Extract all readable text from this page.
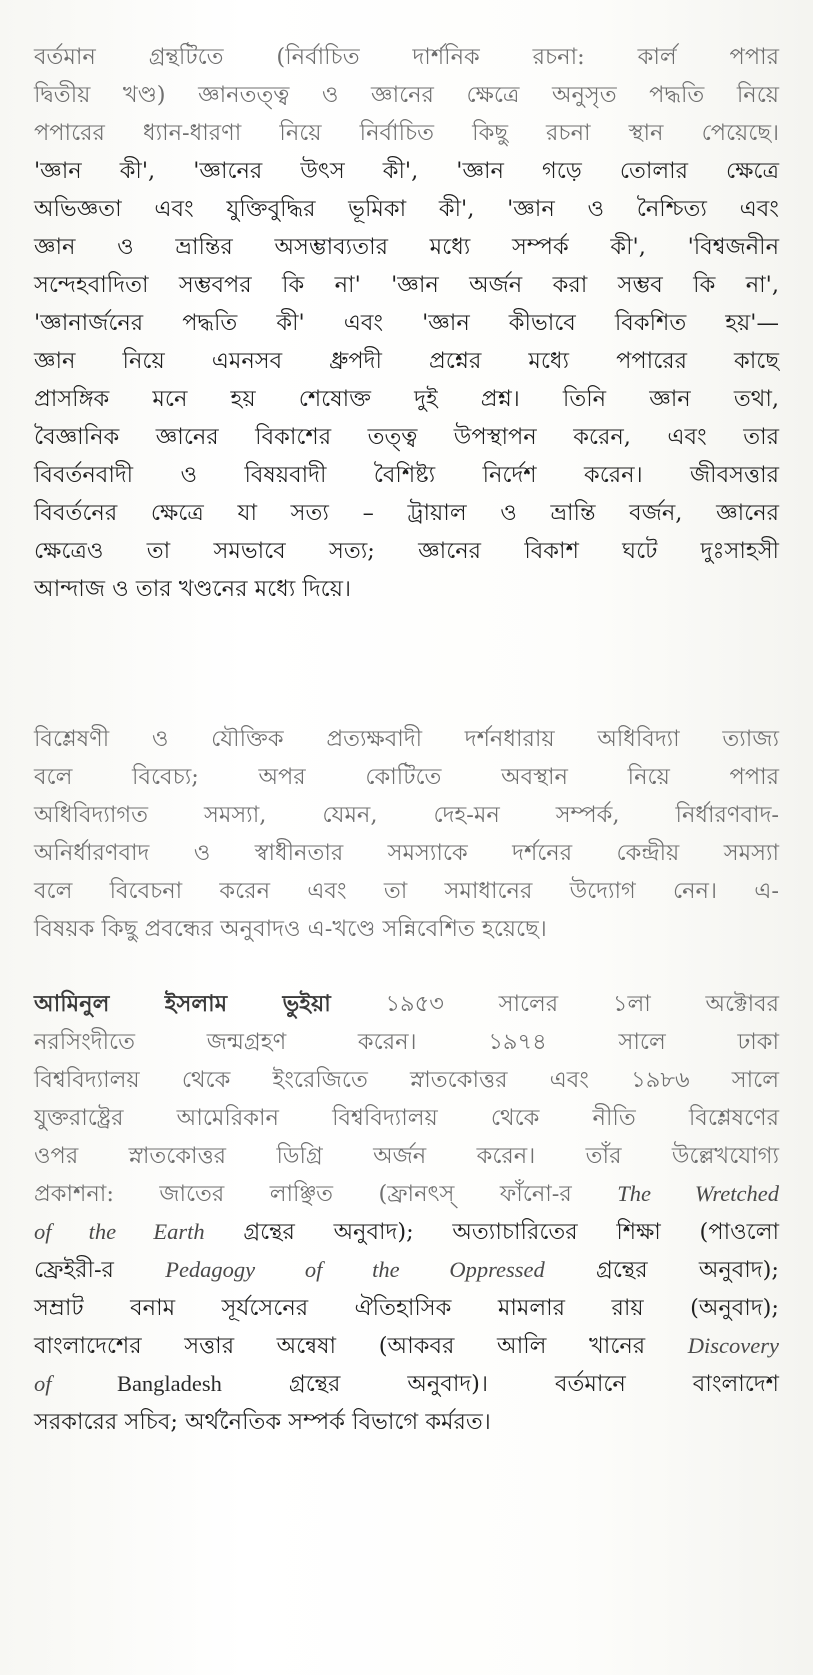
বর্তমান গ্রন্থটিতে (নির্বাচিত দার্শনিক রচনা: কার্ল পপার
দ্বিতীয় খণ্ড) জ্ঞানতত্ত্ব ও জ্ঞানের ক্ষেত্রে অনুসৃত পদ্ধতি নিয়ে
পপারের ধ্যান-ধারণা নিয়ে নির্বাচিত কিছু রচনা স্থান পেয়েছে।
'জ্ঞান কী', 'জ্ঞানের উৎস কী', 'জ্ঞান গড়ে তোলার ক্ষেত্রে
অভিজ্ঞতা এবং যুক্তিবুদ্ধির ভূমিকা কী', 'জ্ঞান ও নৈশ্চিত্য এবং
জ্ঞান ও ভ্রান্তির অসম্ভাব্যতার মধ্যে সম্পর্ক কী', 'বিশ্বজনীন
সন্দেহবাদিতা সম্ভবপর কি না' 'জ্ঞান অর্জন করা সম্ভব কি না',
'জ্ঞানার্জনের পদ্ধতি কী' এবং 'জ্ঞান কীভাবে বিকশিত হয়'—
জ্ঞান নিয়ে এমনসব ধ্রুপদী প্রশ্নের মধ্যে পপারের কাছে
প্রাসঙ্গিক মনে হয় শেষোক্ত দুই প্রশ্ন। তিনি জ্ঞান তথা,
বৈজ্ঞানিক জ্ঞানের বিকাশের তত্ত্ব উপস্থাপন করেন, এবং তার
বিবর্তনবাদী ও বিষয়বাদী বৈশিষ্ট্য নির্দেশ করেন। জীবসত্তার
বিবর্তনের ক্ষেত্রে যা সত্য – ট্রায়াল ও ভ্রান্তি বর্জন, জ্ঞানের
ক্ষেত্রেও তা সমভাবে সত্য; জ্ঞানের বিকাশ ঘটে দুঃসাহসী
আন্দাজ ও তার খণ্ডনের মধ্যে দিয়ে।
বিশ্লেষণী ও যৌক্তিক প্রত্যক্ষবাদী দর্শনধারায় অধিবিদ্যা ত্যাজ্য
বলে বিবেচ্য; অপর কোটিতে অবস্থান নিয়ে পপার
অধিবিদ্যাগত সমস্যা, যেমন, দেহ-মন সম্পর্ক, নির্ধারণবাদ-
অনির্ধারণবাদ ও স্বাধীনতার সমস্যাকে দর্শনের কেন্দ্রীয় সমস্যা
বলে বিবেচনা করেন এবং তা সমাধানের উদ্যোগ নেন। এ-
বিষয়ক কিছু প্রবন্ধের অনুবাদও এ-খণ্ডে সন্নিবেশিত হয়েছে।
আমিনুল ইসলাম ভুইয়া ১৯৫৩ সালের ১লা অক্টোবর
নরসিংদীতে জন্মগ্রহণ করেন। ১৯৭৪ সালে ঢাকা
বিশ্ববিদ্যালয় থেকে ইংরেজিতে স্নাতকোত্তর এবং ১৯৮৬ সালে
যুক্তরাষ্ট্রের আমেরিকান বিশ্ববিদ্যালয় থেকে নীতি বিশ্লেষণের
ওপর স্নাতকোত্তর ডিগ্রি অর্জন করেন। তাঁর উল্লেখযোগ্য
প্রকাশনা: জাতের লাঞ্ছিত (ফ্রানৎস্ ফাঁনো-র The Wretched
of the Earth গ্রন্থের অনুবাদ); অত্যাচারিতের শিক্ষা (পাওলো
ফ্রেইরী-র Pedagogy of the Oppressed গ্রন্থের অনুবাদ);
সম্রাট বনাম সূর্যসেনের ঐতিহাসিক মামলার রায় (অনুবাদ);
বাংলাদেশের সত্তার অন্বেষা (আকবর আলি খানের Discovery
of Bangladesh গ্রন্থের অনুবাদ)। বর্তমানে বাংলাদেশ
সরকারের সচিব; অর্থনৈতিক সম্পর্ক বিভাগে কর্মরত।
